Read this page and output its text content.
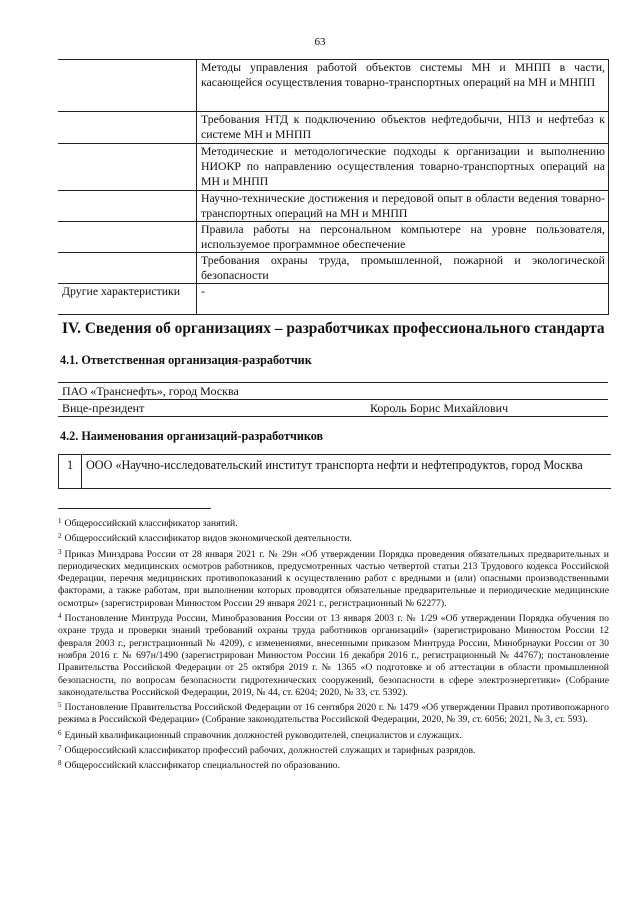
63
	Методы управления работой объектов системы МН и МНПП в части, касающейся осуществления товарно-транспортных операций на МН и МНПП
	Требования НТД к подключению объектов нефтедобычи, НПЗ и нефтебаз к системе МН и МНПП
	Методические и методологические подходы к организации и выполнению НИОКР по направлению осуществления товарно-транспортных операций на МН и МНПП
	Научно-технические достижения и передовой опыт в области ведения товарно-транспортных операций на МН и МНПП
	Правила работы на персональном компьютере на уровне пользователя, используемое программное обеспечение
	Требования охраны труда, промышленной, пожарной и экологической безопасности
Другие характеристики	-
IV. Сведения об организациях – разработчиках профессионального стандарта
4.1. Ответственная организация-разработчик
ПАО «Транснефть», город Москва
Вице-президент	Король Борис Михайлович
4.2. Наименования организаций-разработчиков
1	ООО «Научно-исследовательский институт транспорта нефти и нефтепродуктов, город Москва

$^1$ Общероссийский классификатор занятий.

$^2$ Общероссийский классификатор видов экономической деятельности.

$^3$ Приказ Минздрава России от 28 января 2021 г. № 29н «Об утверждении Порядка проведения обязательных предварительных и периодических медицинских осмотров работников, предусмотренных частью четвертой статьи 213 Трудового кодекса Российской Федерации, перечня медицинских противопоказаний к осуществлению работ с вредными и (или) опасными производственными факторами, а также работам, при выполнении которых проводятся обязательные предварительные и периодические медицинские осмотры» (зарегистрирован Минюстом России 29 января 2021 г., регистрационный № 62277).

$^4$ Постановление Минтруда России, Минобразования России от 13 января 2003 г. № 1/29 «Об утверждении Порядка обучения по охране труда и проверки знаний требований охраны труда работников организаций» (зарегистрировано Минюстом России 12 февраля 2003 г., регистрационный № 4209), с изменениями, внесенными приказом Минтруда России, Минобрнауки России от 30 ноября 2016 г. № 697н/1490 (зарегистрирован Минюстом России 16 декабря 2016 г., регистрационный № 44767); постановление Правительства Российской Федерации от 25 октября 2019 г. № 1365 «О подготовке и об аттестации в области промышленной безопасности, по вопросам безопасности гидротехнических сооружений, безопасности в сфере электроэнергетики» (Собрание законодательства Российской Федерации, 2019, № 44, ст. 6204; 2020, № 33, ст. 5392).

$^5$ Постановление Правительства Российской Федерации от 16 сентября 2020 г. № 1479 «Об утверждении Правил противопожарного режима в Российской Федерации» (Собрание законодательства Российской Федерации, 2020, № 39, ст. 6056; 2021, № 3, ст. 593).

$^6$ Единый квалификационный справочник должностей руководителей, специалистов и служащих.

$^7$ Общероссийский классификатор профессий рабочих, должностей служащих и тарифных разрядов.

$^8$ Общероссийский классификатор специальностей по образованию.
